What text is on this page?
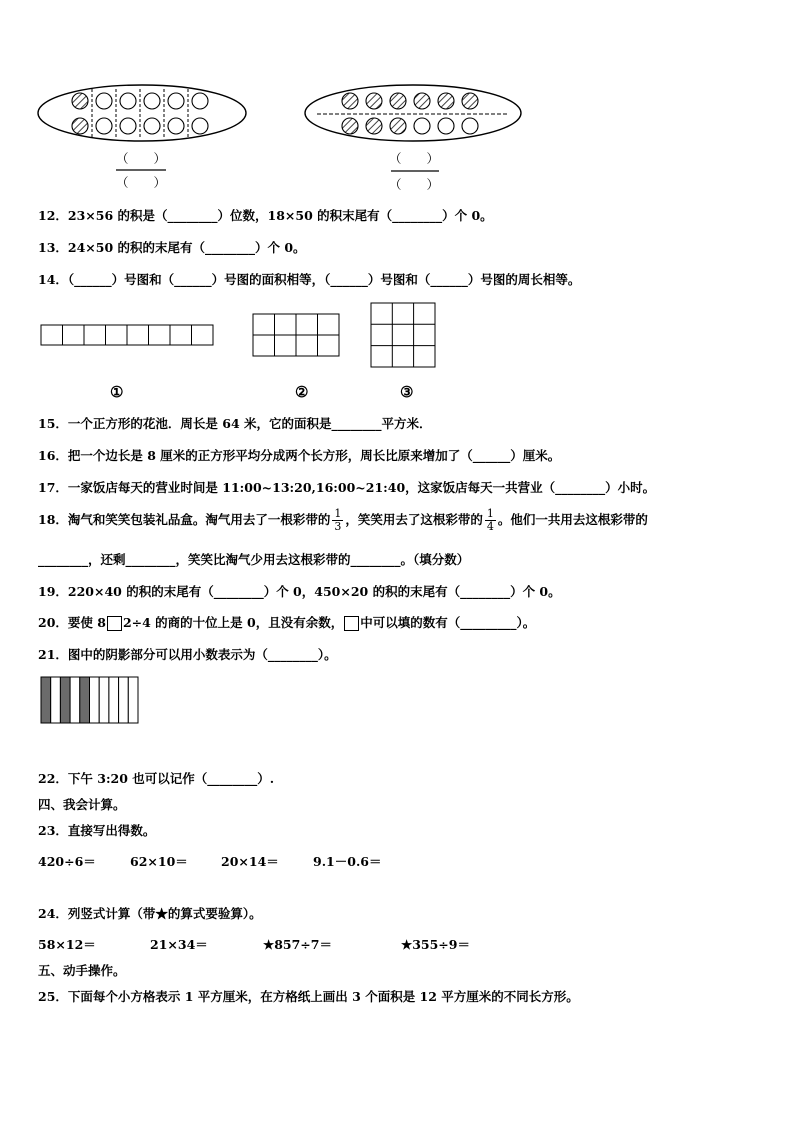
（　　）
（　　）
（　　）
（　　）
12．23×56 的积是（________）位数，18×50 的积末尾有（________）个 0。
13．24×50 的积的末尾有（________）个 0。
14．（______）号图和（______）号图的面积相等，（______）号图和（______）号图的周长相等。
①	②	③
15．一个正方形的花池．周长是 64 米，它的面积是________平方米．
16．把一个边长是 8 厘米的正方形平均分成两个长方形，周长比原来增加了（______）厘米。
17．一家饭店每天的营业时间是 11:00~13:20,16:00~21:40，这家饭店每天一共营业（________）小时。
18．淘气和笑笑包装礼品盒。淘气用去了一根彩带的 $\frac{1}{3}$ ，笑笑用去了这根彩带的 $\frac{1}{4}$ 。他们一共用去这根彩带的
________，还剩________，笑笑比淘气少用去这根彩带的________。（填分数）
19．220×40 的积的末尾有（________）个 0，450×20 的积的末尾有（________）个 0。
20．要使 8 2÷4 的商的十位上是 0，且没有余数， 中可以填的数有（_________）。
21．图中的阴影部分可以用小数表示为（________）。
22．下午 3:20 也可以记作（________）.
四、我会计算。
23．直接写出得数。
420÷6＝	62×10＝	20×14＝	9.1－0.6＝
24．列竖式计算（带★的算式要验算）。
58×12＝	21×34＝	★857÷7＝	★355÷9＝
五、动手操作。
25．下面每个小方格表示 1 平方厘米，在方格纸上画出 3 个面积是 12 平方厘米的不同长方形。
